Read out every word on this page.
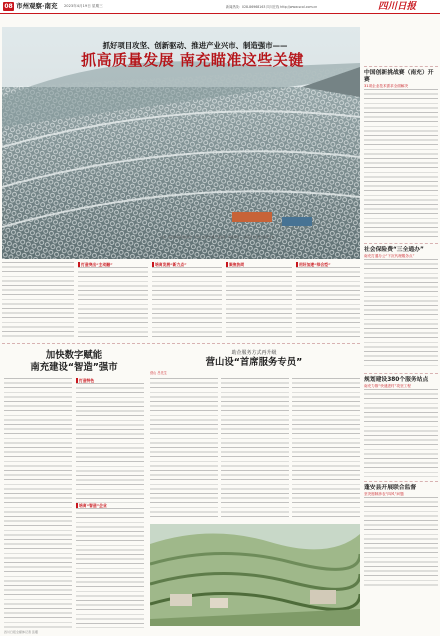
08 市州观察·南充 2023年4月19日 星期三	新闻热线：028-86968163 四川在线 http://www.scol.com.cn	四川日报
抓好项目攻坚、创新驱动、推进产业兴市、制造强市——
抓高质量发展 南充瞄准这些关键
日前，南充市南部县盐溪村（四川日报记者 摄）集装箱、网箱养殖……南充产业发展呈现新气象
中国创新挑战赛（南充）开赛
31项企业技术需求全面解决
社会保险费“三全通办”
南充打通办公“下沉代理服务点”
规划建设380个服务站点
南充力推“快递进村”攻坚工程
蓬安县开展联合监督
坚决遏制涉农“四风”问题
打造突出“主动融”	培育发展“新力点”	聚焦协同	用好加速“综合型”
加快数字赋能
南充建设“智造”强市
打造特色
培育“智造”企业
助企服务方式再升级
营山设“首席服务专员”
营山 吕先生
四川日报全媒体记者 张瑾
